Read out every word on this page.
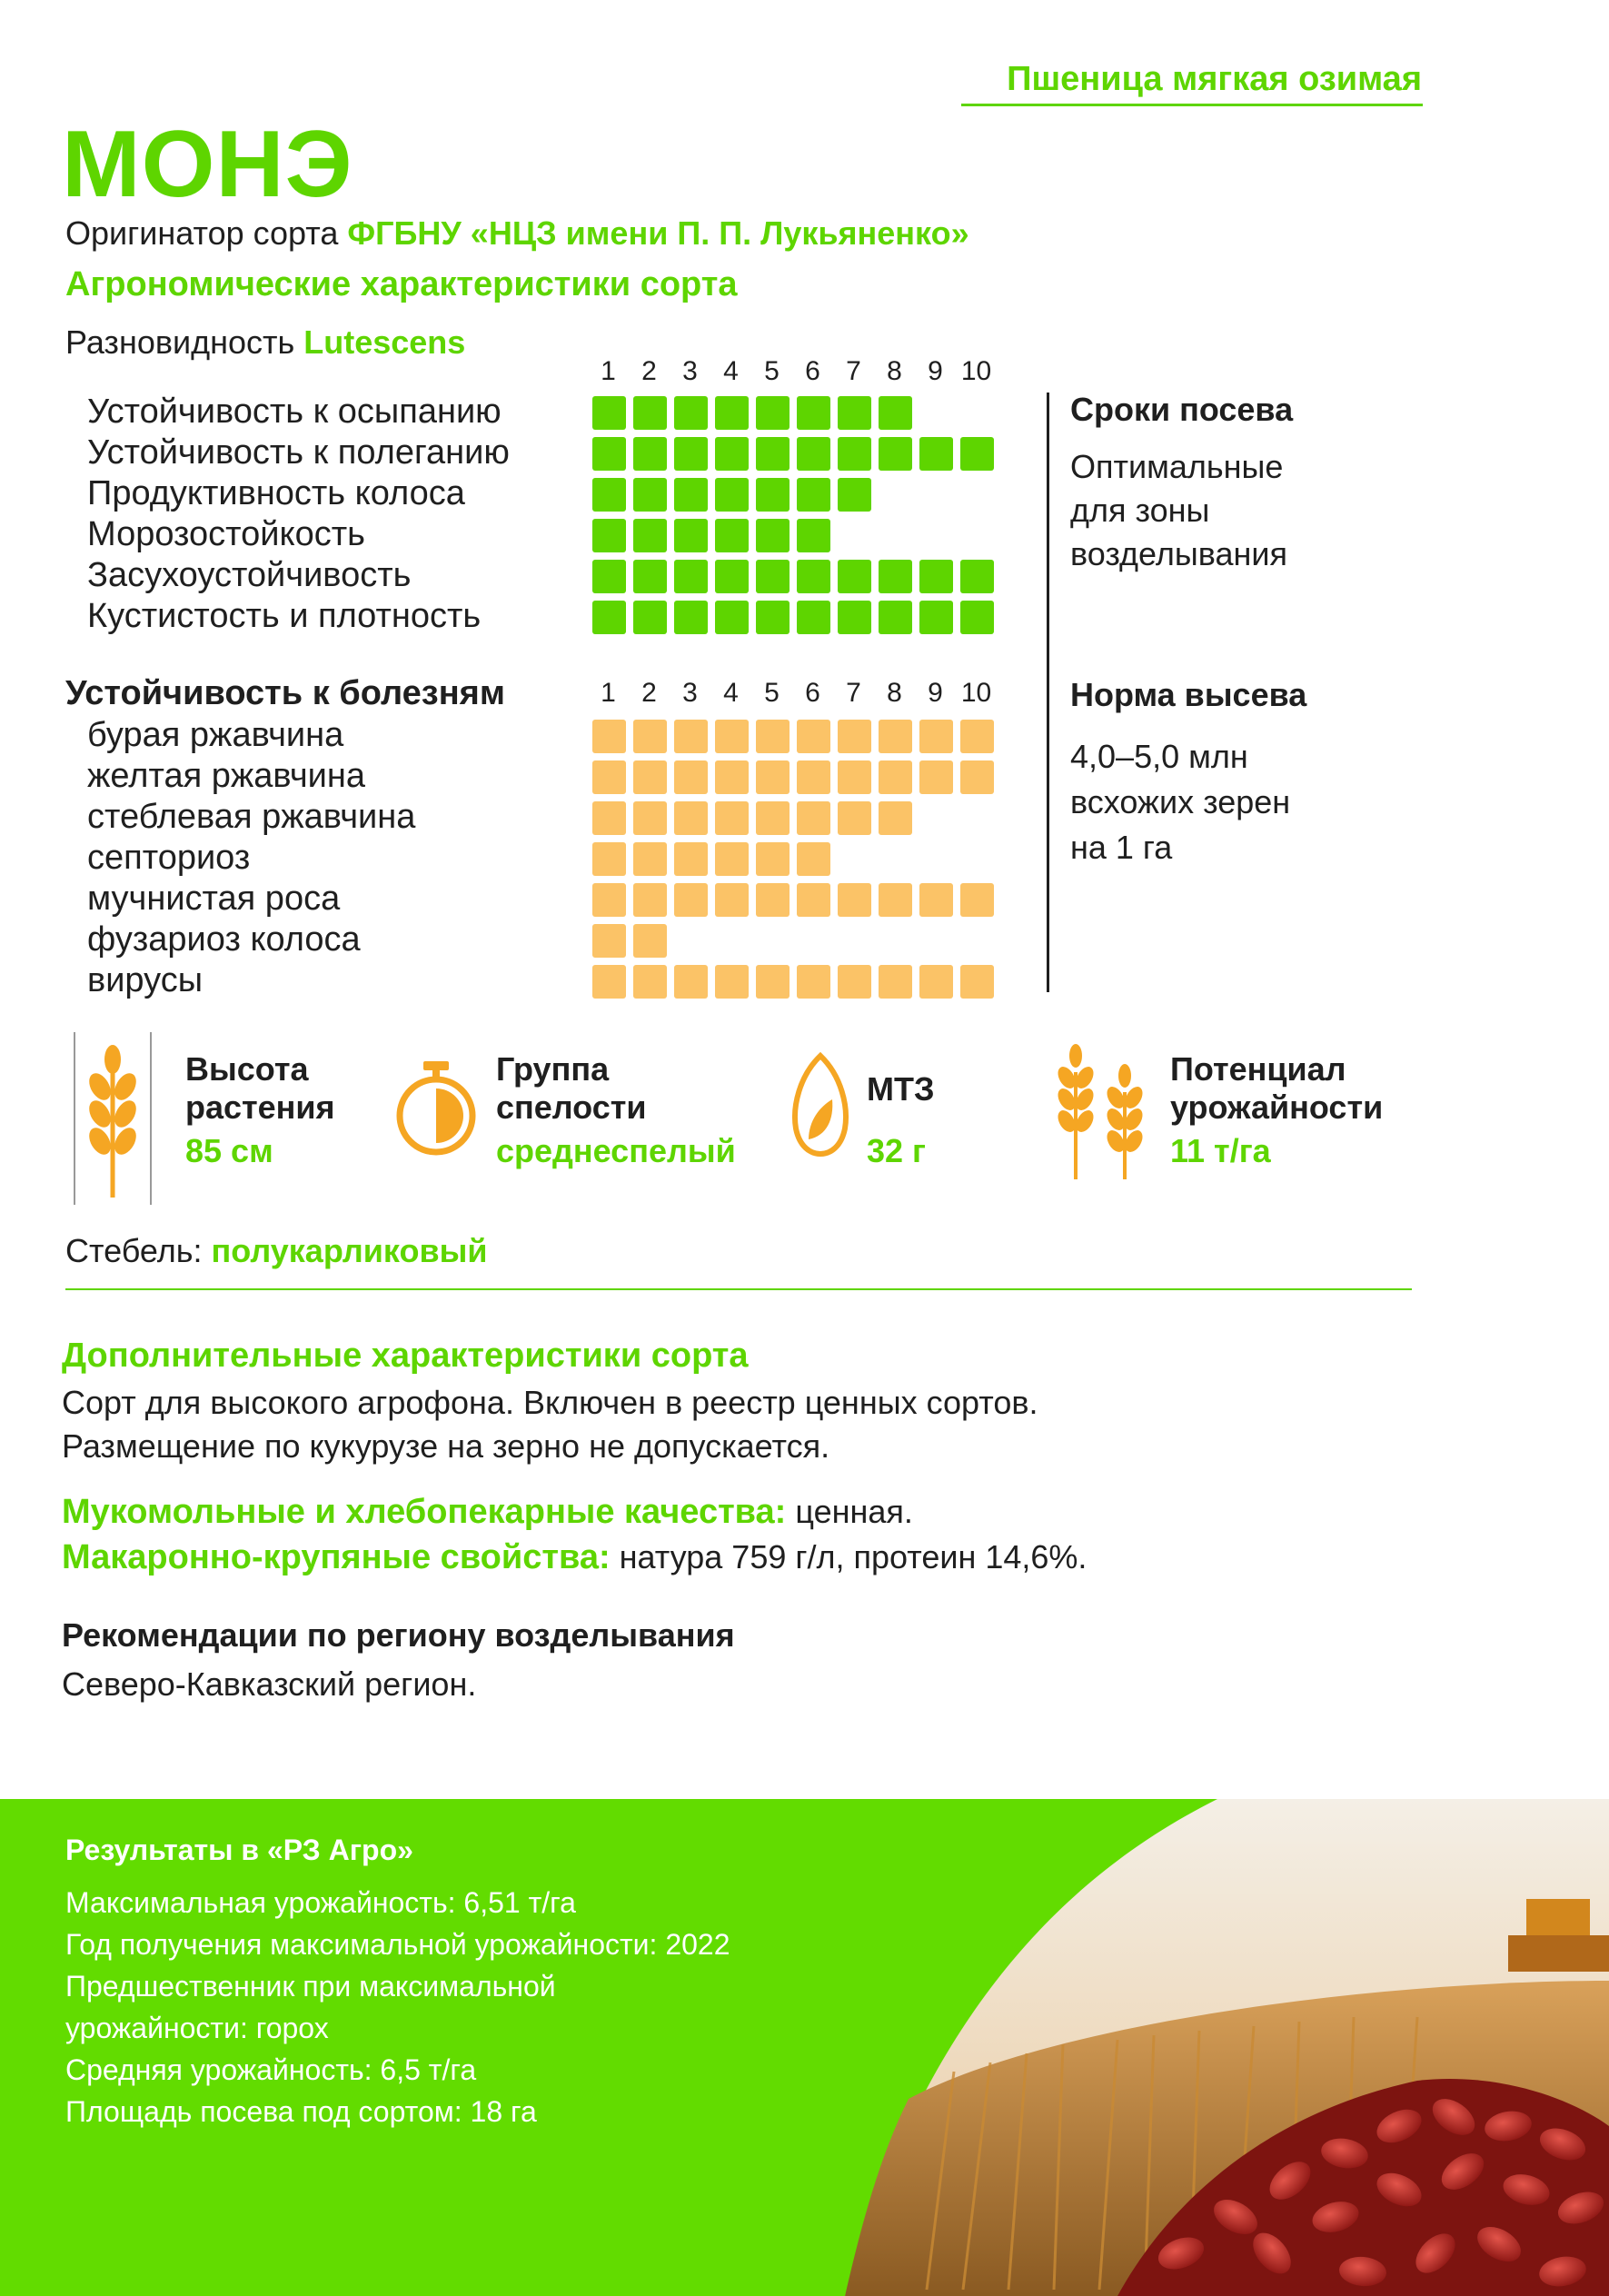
Пшеница мягкая озимая
МОНЭ
Оригинатор сорта ФГБНУ «НЦЗ имени П. П. Лукьяненко»
Агрономические характеристики сорта
Разновидность Lutescens
1 2 3 4 5 6 7 8 9 10
Устойчивость к осыпанию
Устойчивость к полеганию
Продуктивность колоса
Морозостойкость
Засухоустойчивость
Кустистость и плотность
Устойчивость к болезням	1 2 3 4 5 6 7 8 9 10
бурая ржавчина
желтая ржавчина
стеблевая ржавчина
септориоз
мучнистая роса
фузариоз колоса
вирусы
Сроки посева
Оптимальные
для зоны
возделывания
Норма высева
4,0–5,0 млн
всхожих зерен
на 1 га
Высота
растения
85 см
Группа
спелости
среднеспелый
МТЗ
32 г
Потенциал
урожайности
11 т/га
Стебель: полукарликовый
Дополнительные характеристики сорта
Сорт для высокого агрофона. Включен в реестр ценных сортов.
Размещение по кукурузе на зерно не допускается.
Мукомольные и хлебопекарные качества: ценная.
Макаронно-крупяные свойства: натура 759 г/л, протеин 14,6%.
Рекомендации по региону возделывания
Северо-Кавказский регион.
Результаты в «РЗ Агро»
Максимальная урожайность: 6,51 т/га
Год получения максимальной урожайности: 2022
Предшественник при максимальной
урожайности: горох
Средняя урожайность: 6,5 т/га
Площадь посева под сортом: 18 га
